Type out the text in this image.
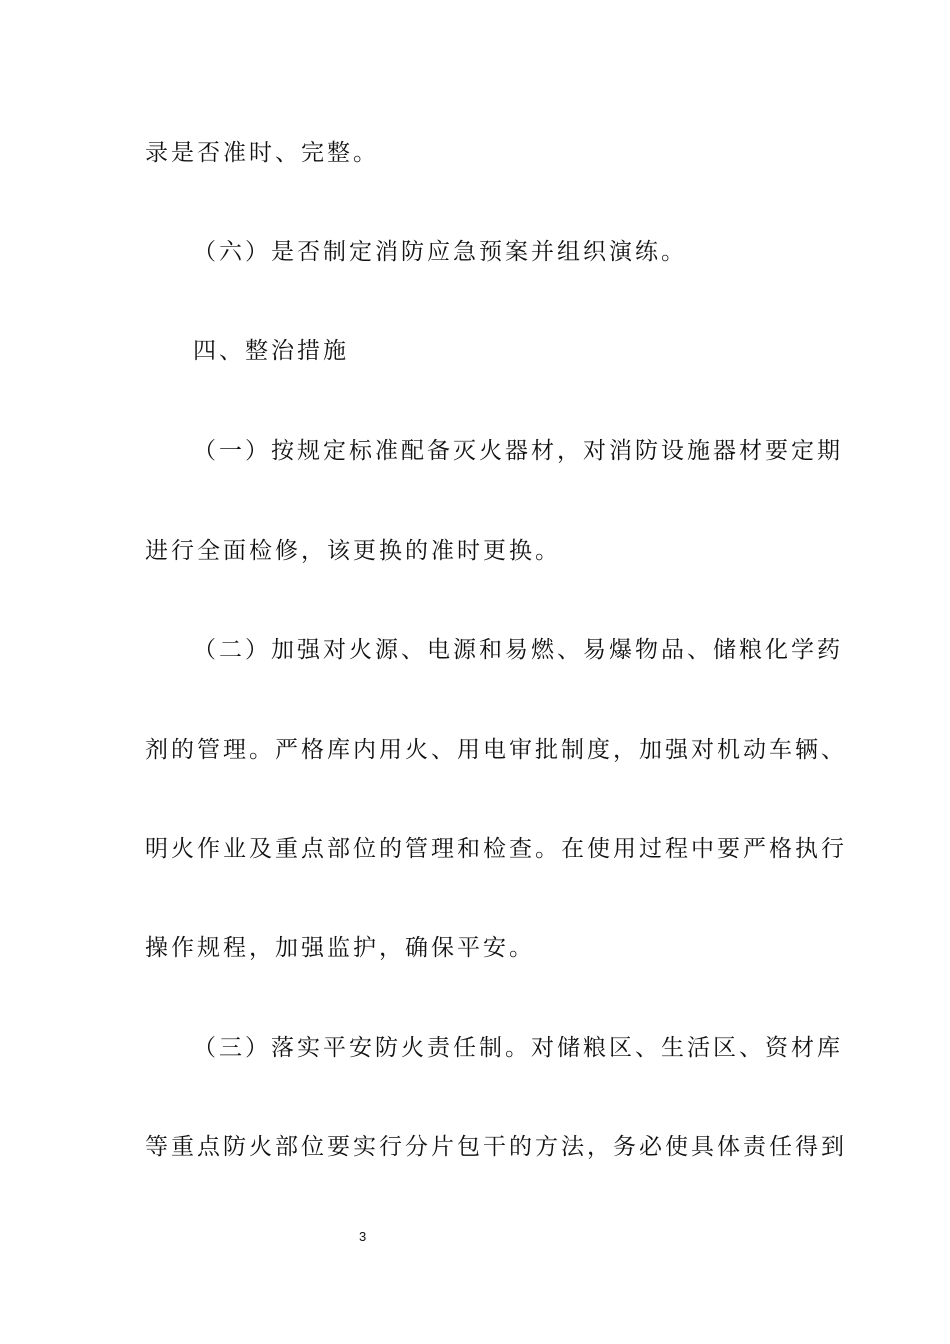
录是否准时、完整。
（六）是否制定消防应急预案并组织演练。
四、整治措施
（一）按规定标准配备灭火器材，对消防设施器材要定期
进行全面检修，该更换的准时更换。
（二）加强对火源、电源和易燃、易爆物品、储粮化学药
剂的管理。严格库内用火、用电审批制度，加强对机动车辆、
明火作业及重点部位的管理和检查。在使用过程中要严格执行
操作规程，加强监护，确保平安。
（三）落实平安防火责任制。对储粮区、生活区、资材库
等重点防火部位要实行分片包干的方法，务必使具体责任得到
3
